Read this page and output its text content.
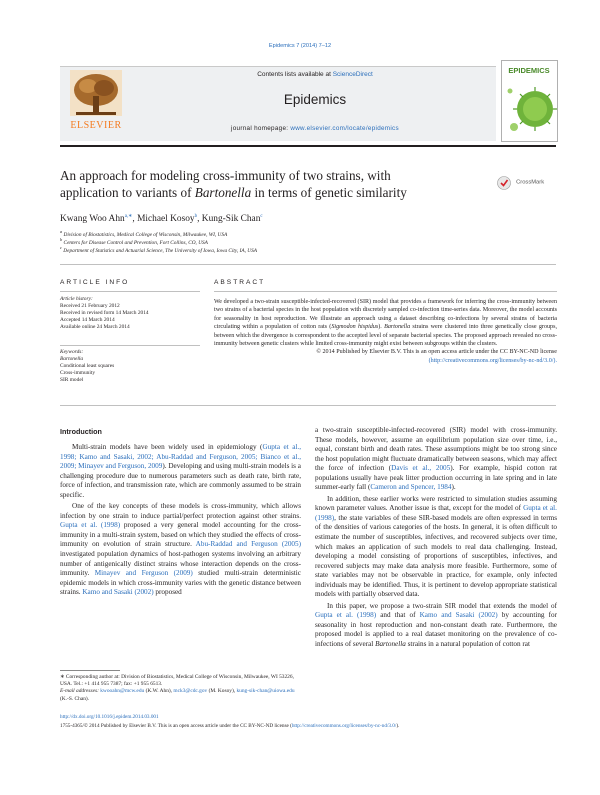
Epidemics 7 (2014) 7–12
ELSEVIER
Contents lists available at ScienceDirect
Epidemics
journal homepage: www.elsevier.com/locate/epidemics
EPIDEMICS
An approach for modeling cross-immunity of two strains, with
application to variants of Bartonella in terms of genetic similarity
CrossMark
Kwang Woo Ahn$^{a,∗}$, Michael Kosoy$^b$, Kung-Sik Chan$^c$
$^a$ Division of Biostatistics, Medical College of Wisconsin, Milwaukee, WI, USA
$^b$ Centers for Disease Control and Prevention, Fort Collins, CO, USA
$^c$ Department of Statistics and Actuarial Science, The University of Iowa, Iowa City, IA, USA
ARTICLE INFO	ABSTRACT
Article history:
Received 21 February 2012
Received in revised form 14 March 2014
Accepted 14 March 2014
Available online 24 March 2014
Keywords:
Bartonella
Conditional least squares
Cross-immunity
SIR model
We developed a two-strain susceptible-infected-recovered (SIR) model that provides a framework for inferring the cross-immunity between two strains of a bacterial species in the host population with discretely sampled co-infection time-series data. Moreover, the model accounts for seasonality in host reproduction. We illustrate an approach using a dataset describing co-infections by several strains of bacteria circulating within a population of cotton rats (Sigmodon hispidus). Bartonella strains were clustered into three genetically close groups, between which the divergence is correspondent to the accepted level of separate bacterial species. The proposed approach revealed no cross-immunity between genetic clusters while limited cross-immunity might exist between subgroups within the clusters.
© 2014 Published by Elsevier B.V. This is an open access article under the CC BY-NC-ND license
(http://creativecommons.org/licenses/by-nc-nd/3.0/).
Introduction

Multi-strain models have been widely used in epidemiology (Gupta et al., 1998; Kamo and Sasaki, 2002; Abu-Raddad and Ferguson, 2005; Bianco et al., 2009; Minayev and Ferguson, 2009). Developing and using multi-strain models is a challenging procedure due to numerous parameters such as death rate, birth rate, force of infection, and transmission rate, which are commonly assumed to be strain specific.

One of the key concepts of these models is cross-immunity, which allows infection by one strain to induce partial/perfect protection against other strains. Gupta et al. (1998) proposed a very general model accounting for the cross-immunity in a multi-strain system, based on which they studied the effects of cross-immunity on evolution of strain structure. Abu-Raddad and Ferguson (2005) investigated population dynamics of host-pathogen systems involving an arbitrary number of antigenically distinct strains whose interaction depends on the cross-immunity. Minayev and Ferguson (2009) studied multi-strain deterministic epidemic models in which cross-immunity varies with the genetic distance between strains. Kamo and Sasaki (2002) proposed

a two-strain susceptible-infected-recovered (SIR) model with cross-immunity. These models, however, assume an equilibrium population size over time, i.e., equal, constant birth and death rates. These assumptions might be too strong since the host population might fluctuate dramatically between seasons, which may affect the force of infection (Davis et al., 2005). For example, hispid cotton rat populations usually have peak litter production occurring in late spring and in late summer-early fall (Cameron and Spencer, 1984).

In addition, these earlier works were restricted to simulation studies assuming known parameter values. Another issue is that, except for the model of Gupta et al. (1998), the state variables of these SIR-based models are often expressed in terms of the densities of various categories of the hosts. In general, it is often difficult to estimate the number of susceptibles, infectives, and recovered subjects over time, which makes an application of such models to real data challenging. Instead, developing a model consisting of proportions of susceptibles, infectives, and recovered subjects may make data analysis more feasible. Furthermore, some of state variables may not be observable in practice, for example, only infected individuals may be identified. Thus, it is pertinent to develop appropriate statistical models with partially observed data.

In this paper, we propose a two-strain SIR model that extends the model of Gupta et al. (1998) and that of Kamo and Sasaki (2002) by accounting for seasonality in host reproduction and non-constant death rate. Furthermore, the proposed model is applied to a real dataset monitoring on the prevalence of co-infections of several Bartonella strains in a natural population of cotton rat

∗ Corresponding author at: Division of Biostatistics, Medical College of Wisconsin, Milwaukee, WI 53226, USA. Tel.: +1 414 955 7387; fax: +1 955 6513.
E-mail addresses: kwooahn@mcw.edu (K.W. Ahn), mck3@cdc.gov (M. Kosoy), kung-sik-chan@uiowa.edu (K.-S. Chan).
http://dx.doi.org/10.1016/j.epidem.2014.03.001
1755-4365/© 2014 Published by Elsevier B.V. This is an open access article under the CC BY-NC-ND license (http://creativecommons.org/licenses/by-nc-nd/3.0/).
